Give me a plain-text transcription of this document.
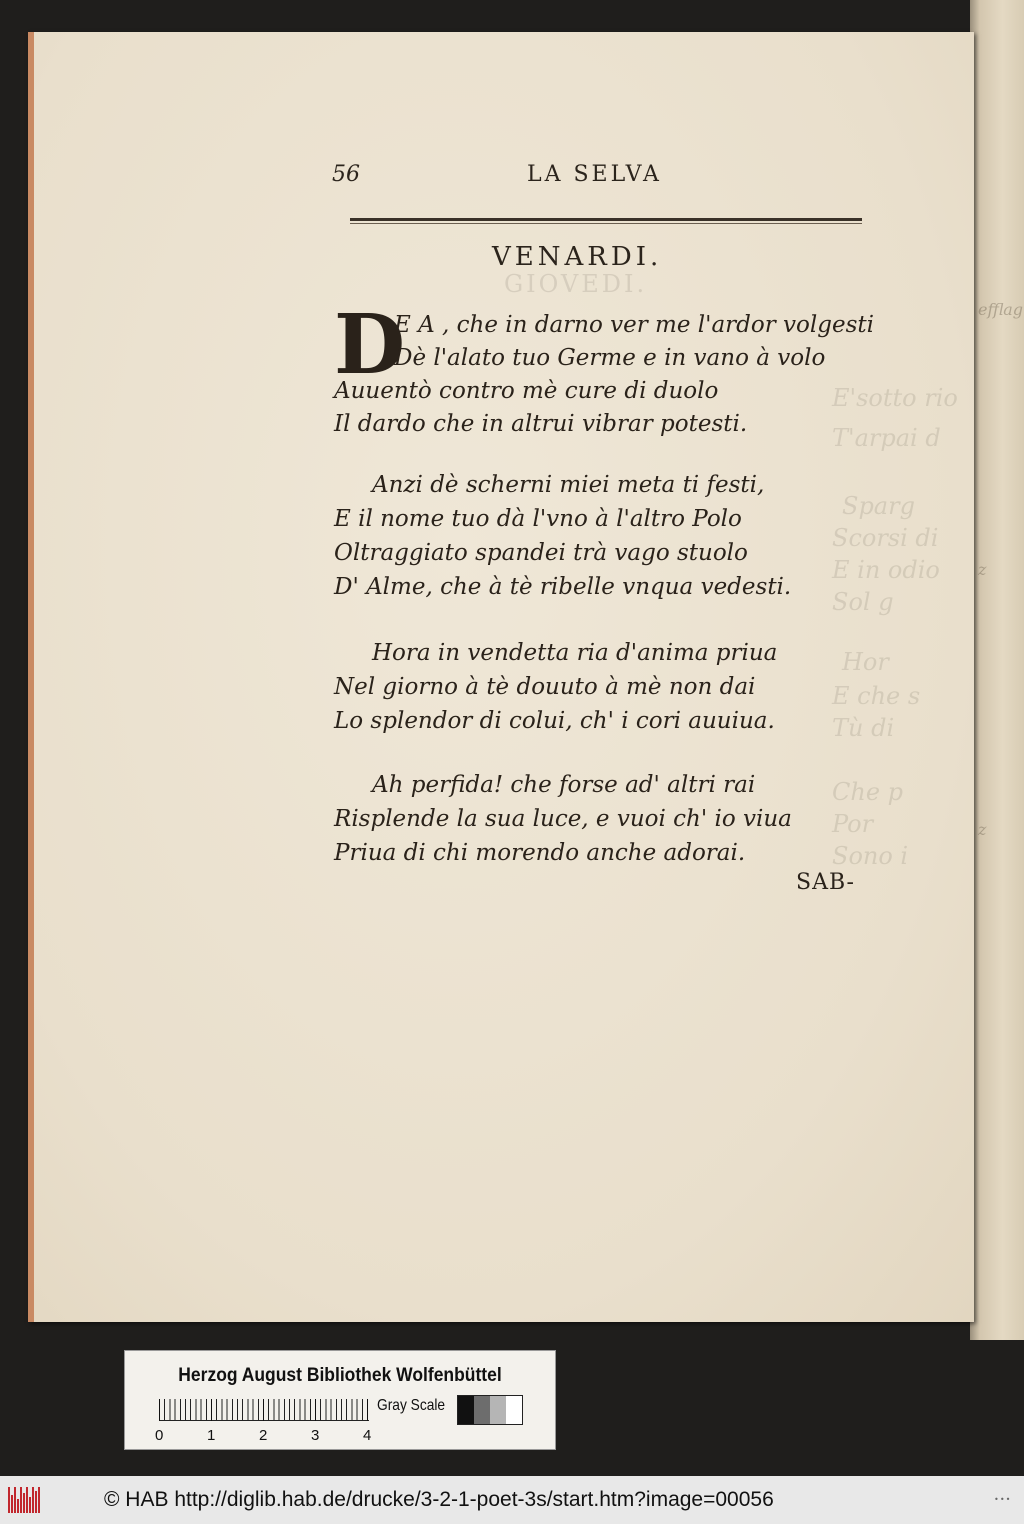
efflag
z
z
GIOVEDI.
E'sotto rio
T'arpai d
Sparg
Scorsi di
E in odio
Sol g
Hor
E che s
Tù di
Che p
Por
Sono i
56	LA SELVA
VENARDI.
D
E A , che in darno ver me l'ardor volgesti
Dè l'alato tuo Germe e in vano à volo
Auuentò contro mè cure di duolo
Il dardo che in altrui vibrar potesti.
Anzi dè scherni miei meta ti festi,
E il nome tuo dà l'vno à l'altro Polo
Oltraggiato spandei trà vago stuolo
D' Alme, che à tè ribelle vnqua vedesti.
Hora in vendetta ria d'anima priua
Nel giorno à tè douuto à mè non dai
Lo splendor di colui, ch' i cori auuiua.
Ah perfida! che forse ad' altri rai
Risplende la sua luce, e vuoi ch' io viua
Priua di chi morendo anche adorai.
SAB-
Herzog August Bibliothek Wolfenbüttel
0	1	2	3	4
Gray Scale
© HAB http://diglib.hab.de/drucke/3-2-1-poet-3s/start.htm?image=00056	•••
